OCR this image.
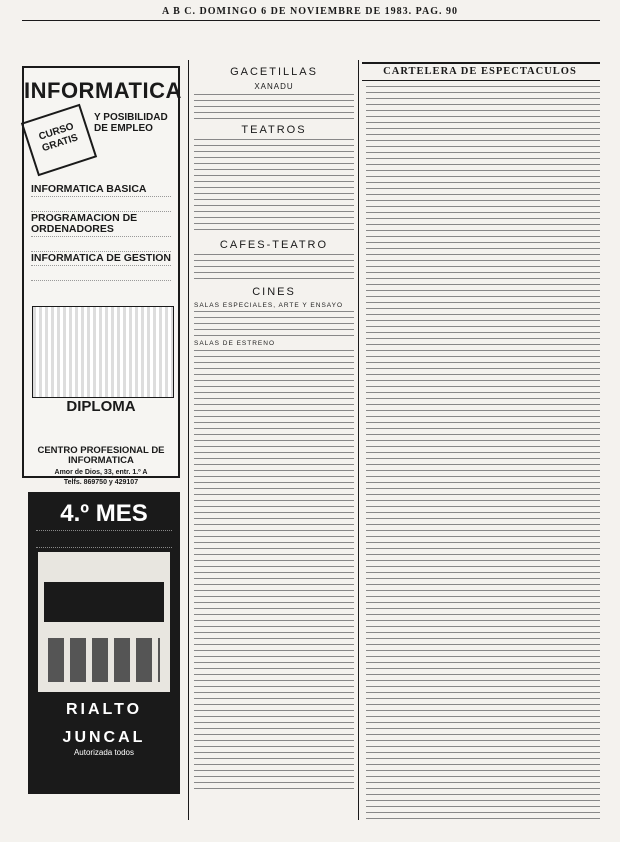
A B C. DOMINGO 6 DE NOVIEMBRE DE 1983. PAG. 90
INFORMATICA
CURSO GRATIS
Y POSIBILIDAD DE EMPLEO
INFORMATICA BASICA
PROGRAMACION DE ORDENADORES
INFORMATICA DE GESTION
DIPLOMA
CENTRO PROFESIONAL DE INFORMATICA
Amor de Dios, 33, entr. 1.º A
Telfs. 869750 y 429107
4.º MES
RIALTO
JUNCAL
Autorizada todos
GACETILLAS
XANADU
TEATROS
CAFES-TEATRO
CINES
SALAS ESPECIALES, ARTE Y ENSAYO
SALAS DE ESTRENO
CARTELERA DE ESPECTACULOS
